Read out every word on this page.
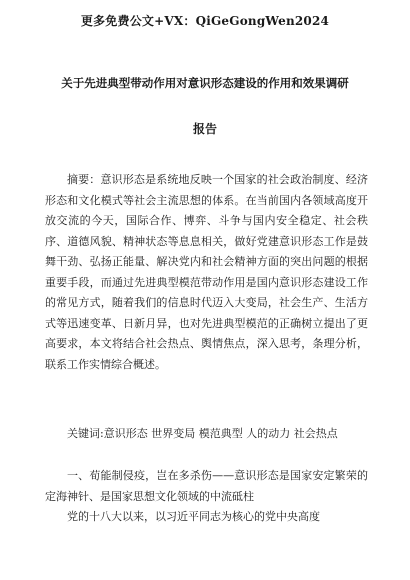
更多免费公文+VX：QiGeGongWen2024
关于先进典型带动作用对意识形态建设的作用和效果调研
报告
摘要：意识形态是系统地反映一个国家的社会政治制度、经济形态和文化模式等社会主流思想的体系。在当前国内各领域高度开放交流的今天，国际合作、博弈、斗争与国内安全稳定、社会秩序、道德风貌、精神状态等息息相关，做好党建意识形态工作是鼓舞干劲、弘扬正能量、解决党内和社会精神方面的突出问题的根据重要手段，而通过先进典型模范带动作用是国内意识形态建设工作的常见方式，随着我们的信息时代迈入大变局，社会生产、生活方式等迅速变革、日新月异，也对先进典型模范的正确树立提出了更高要求，本文将结合社会热点、舆情焦点，深入思考，条理分析，联系工作实情综合概述。
关键词:意识形态 世界变局 模范典型 人的动力 社会热点
一、荀能制侵疫，岂在多杀伤——意识形态是国家安定繁荣的定海神针、是国家思想文化领域的中流砥柱
党的十八大以来，以习近平同志为核心的党中央高度
